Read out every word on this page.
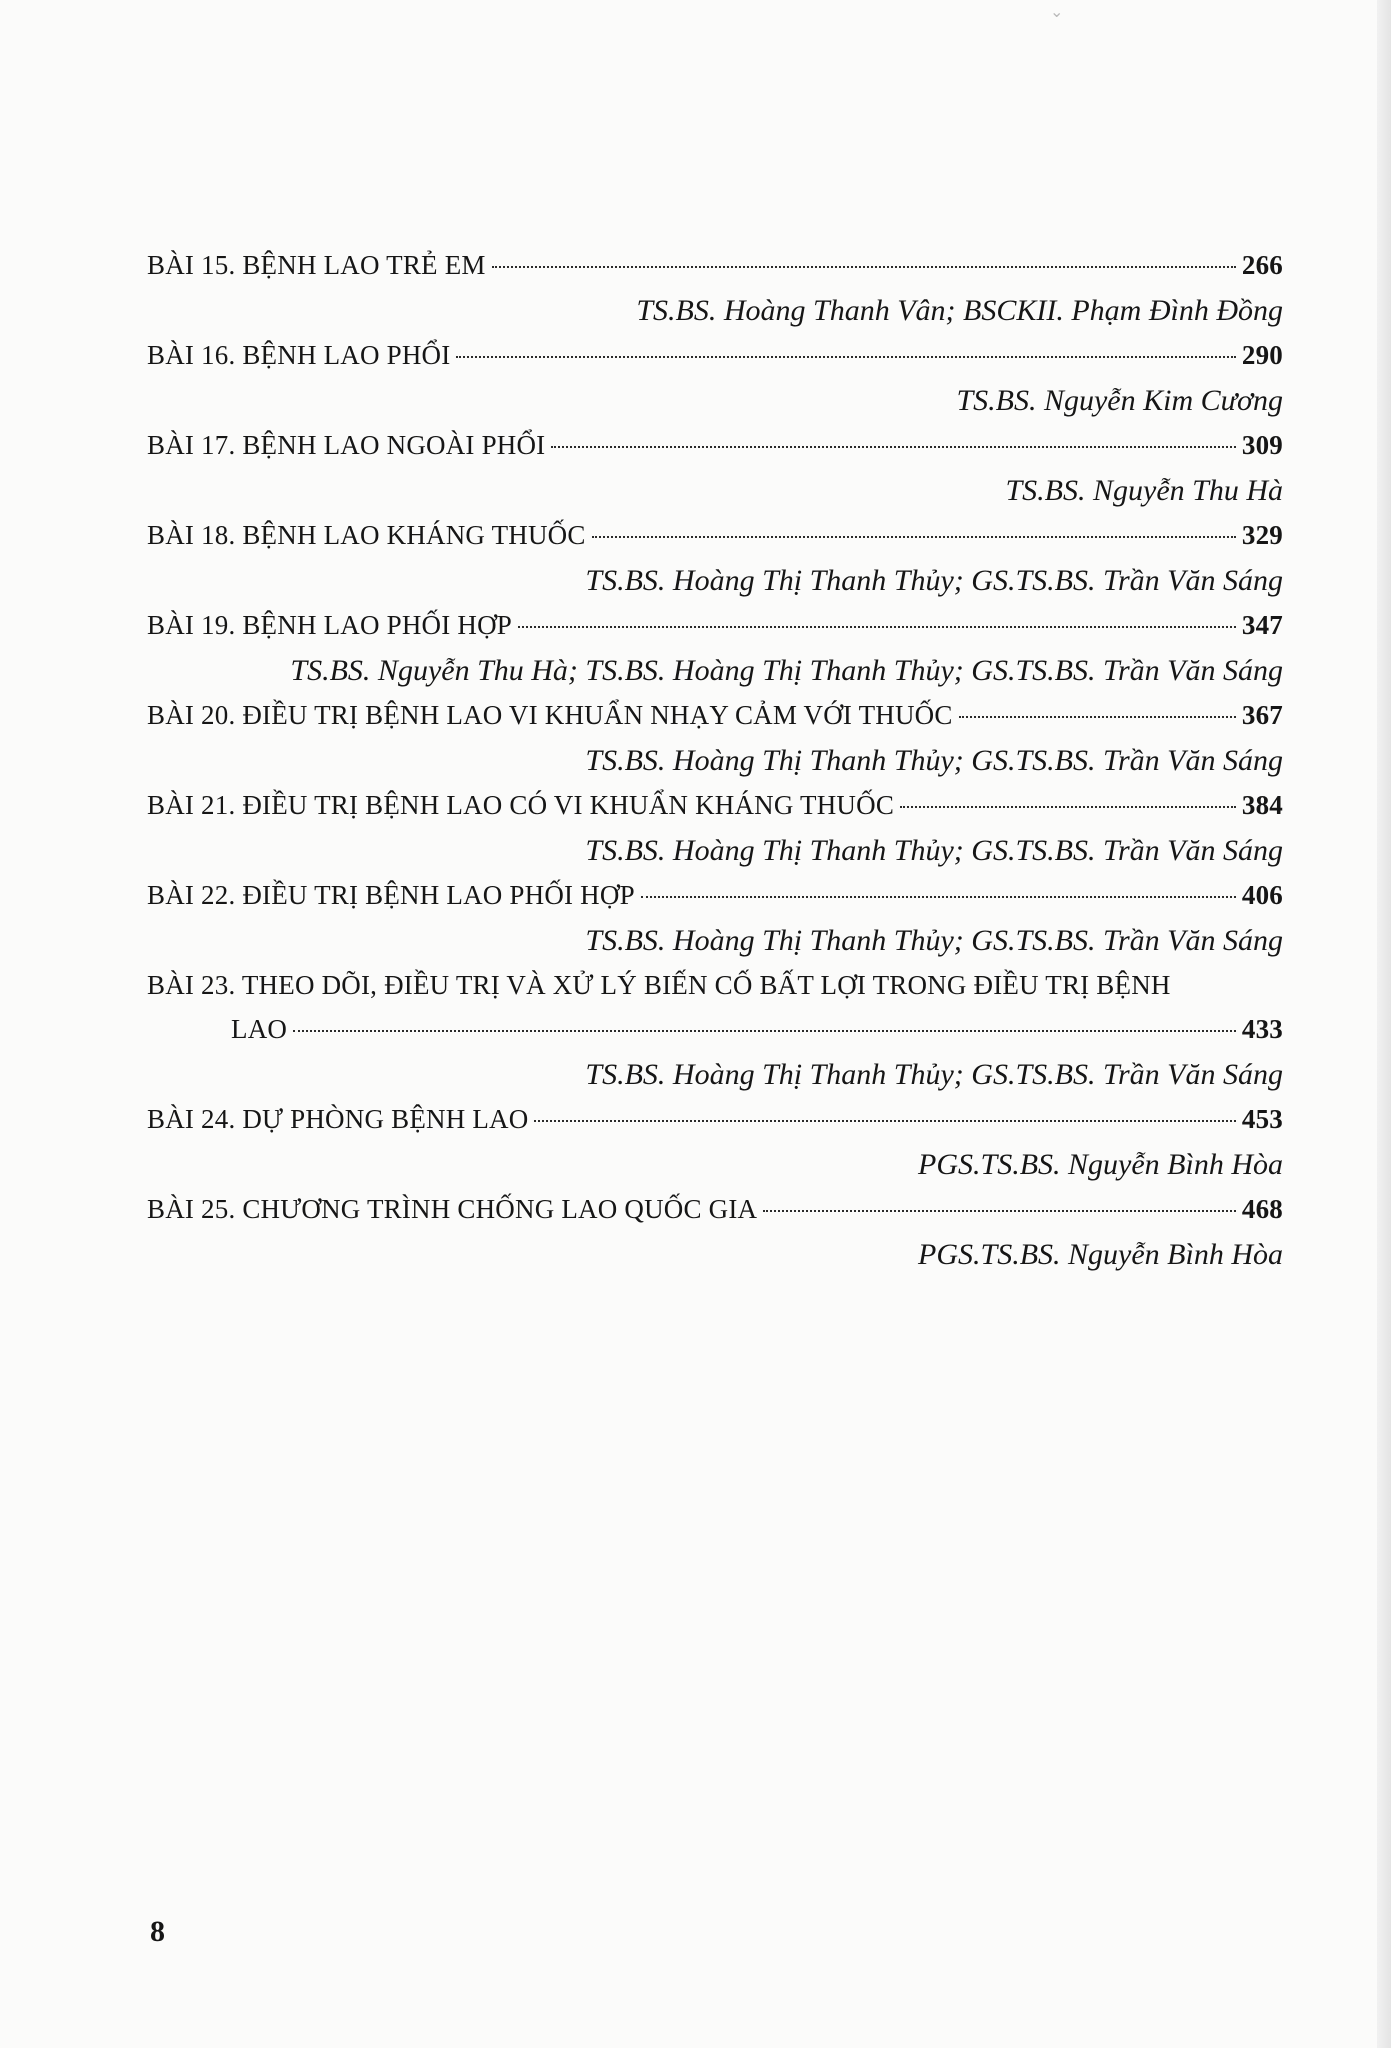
⌄
BÀI 15. BỆNH LAO TRẺ EM	266
TS.BS. Hoàng Thanh Vân; BSCKII. Phạm Đình Đồng
BÀI 16. BỆNH LAO PHỔI	290
TS.BS. Nguyễn Kim Cương
BÀI 17. BỆNH LAO NGOÀI PHỔI	309
TS.BS. Nguyễn Thu Hà
BÀI 18. BỆNH LAO KHÁNG THUỐC	329
TS.BS. Hoàng Thị Thanh Thủy; GS.TS.BS. Trần Văn Sáng
BÀI 19. BỆNH LAO PHỐI HỢP	347
TS.BS. Nguyễn Thu Hà; TS.BS. Hoàng Thị Thanh Thủy; GS.TS.BS. Trần Văn Sáng
BÀI 20. ĐIỀU TRỊ BỆNH LAO VI KHUẨN NHẠY CẢM VỚI THUỐC	367
TS.BS. Hoàng Thị Thanh Thủy; GS.TS.BS. Trần Văn Sáng
BÀI 21. ĐIỀU TRỊ BỆNH LAO CÓ VI KHUẨN KHÁNG THUỐC	384
TS.BS. Hoàng Thị Thanh Thủy; GS.TS.BS. Trần Văn Sáng
BÀI 22. ĐIỀU TRỊ BỆNH LAO PHỐI HỢP	406
TS.BS. Hoàng Thị Thanh Thủy; GS.TS.BS. Trần Văn Sáng
BÀI 23. THEO DÕI, ĐIỀU TRỊ VÀ XỬ LÝ BIẾN CỐ BẤT LỢI TRONG ĐIỀU TRỊ BỆNH
LAO	433
TS.BS. Hoàng Thị Thanh Thủy; GS.TS.BS. Trần Văn Sáng
BÀI 24. DỰ PHÒNG BỆNH LAO	453
PGS.TS.BS. Nguyễn Bình Hòa
BÀI 25. CHƯƠNG TRÌNH CHỐNG LAO QUỐC GIA	468
PGS.TS.BS. Nguyễn Bình Hòa
8
